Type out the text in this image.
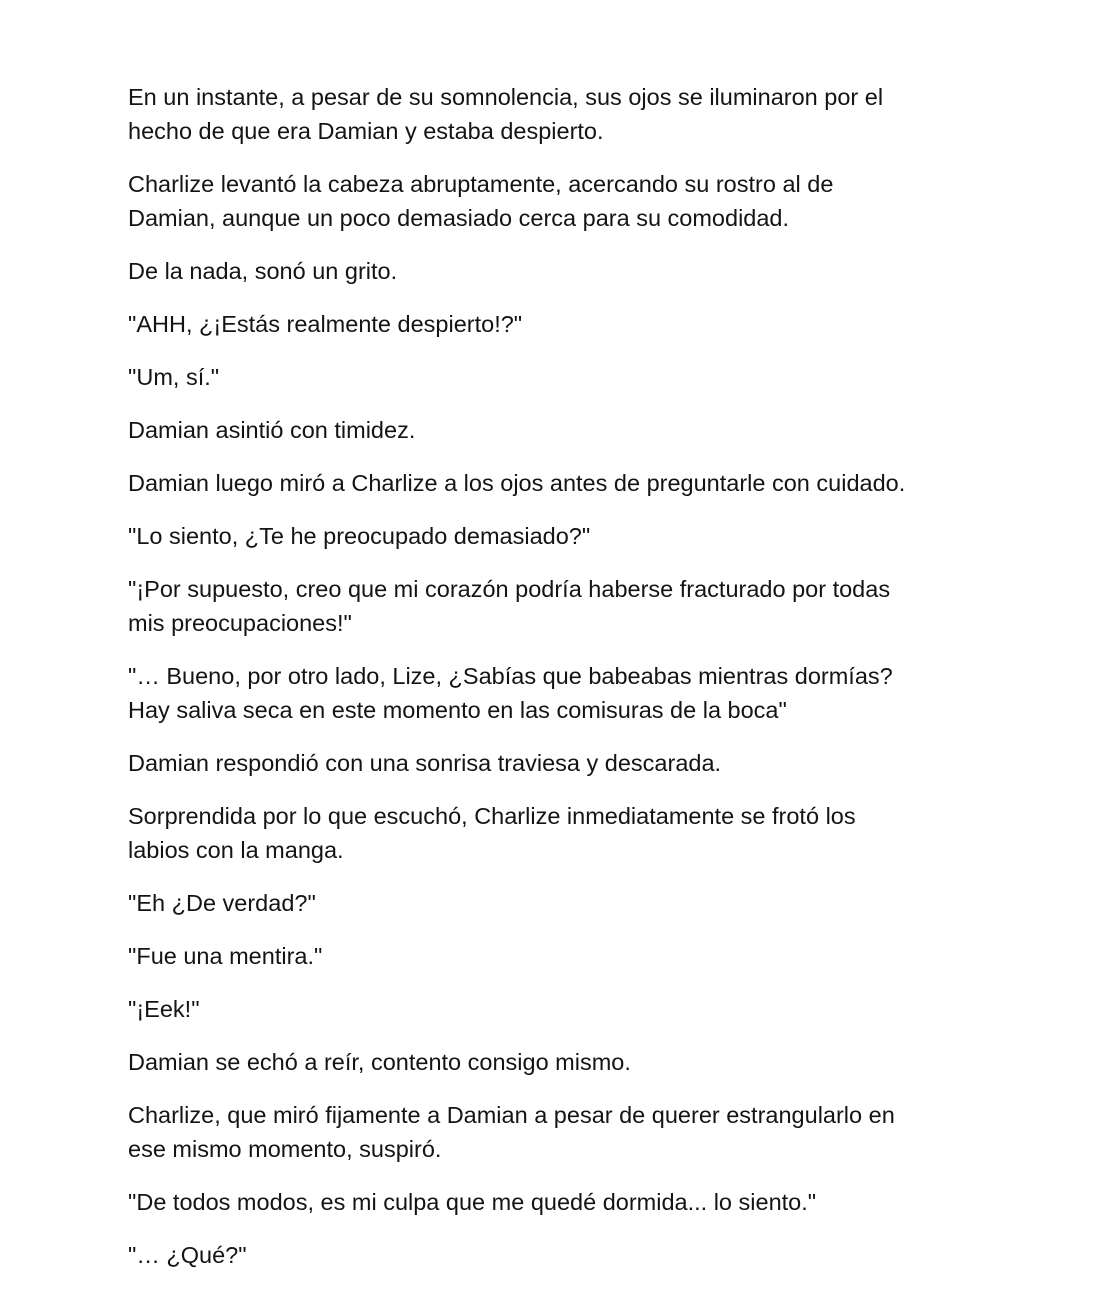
En un instante, a pesar de su somnolencia, sus ojos se iluminaron por el
hecho de que era Damian y estaba despierto.

Charlize levantó la cabeza abruptamente, acercando su rostro al de
Damian, aunque un poco demasiado cerca para su comodidad.

De la nada, sonó un grito.

"AHH, ¿¡Estás realmente despierto!?"

"Um, sí."

Damian asintió con timidez.

Damian luego miró a Charlize a los ojos antes de preguntarle con cuidado.

"Lo siento, ¿Te he preocupado demasiado?"

"¡Por supuesto, creo que mi corazón podría haberse fracturado por todas
mis preocupaciones!"

"… Bueno, por otro lado, Lize, ¿Sabías que babeabas mientras dormías?
Hay saliva seca en este momento en las comisuras de la boca"

Damian respondió con una sonrisa traviesa y descarada.

Sorprendida por lo que escuchó, Charlize inmediatamente se frotó los
labios con la manga.

"Eh ¿De verdad?"

"Fue una mentira."

"¡Eek!"

Damian se echó a reír, contento consigo mismo.

Charlize, que miró fijamente a Damian a pesar de querer estrangularlo en
ese mismo momento, suspiró.

"De todos modos, es mi culpa que me quedé dormida... lo siento."

"… ¿Qué?"
